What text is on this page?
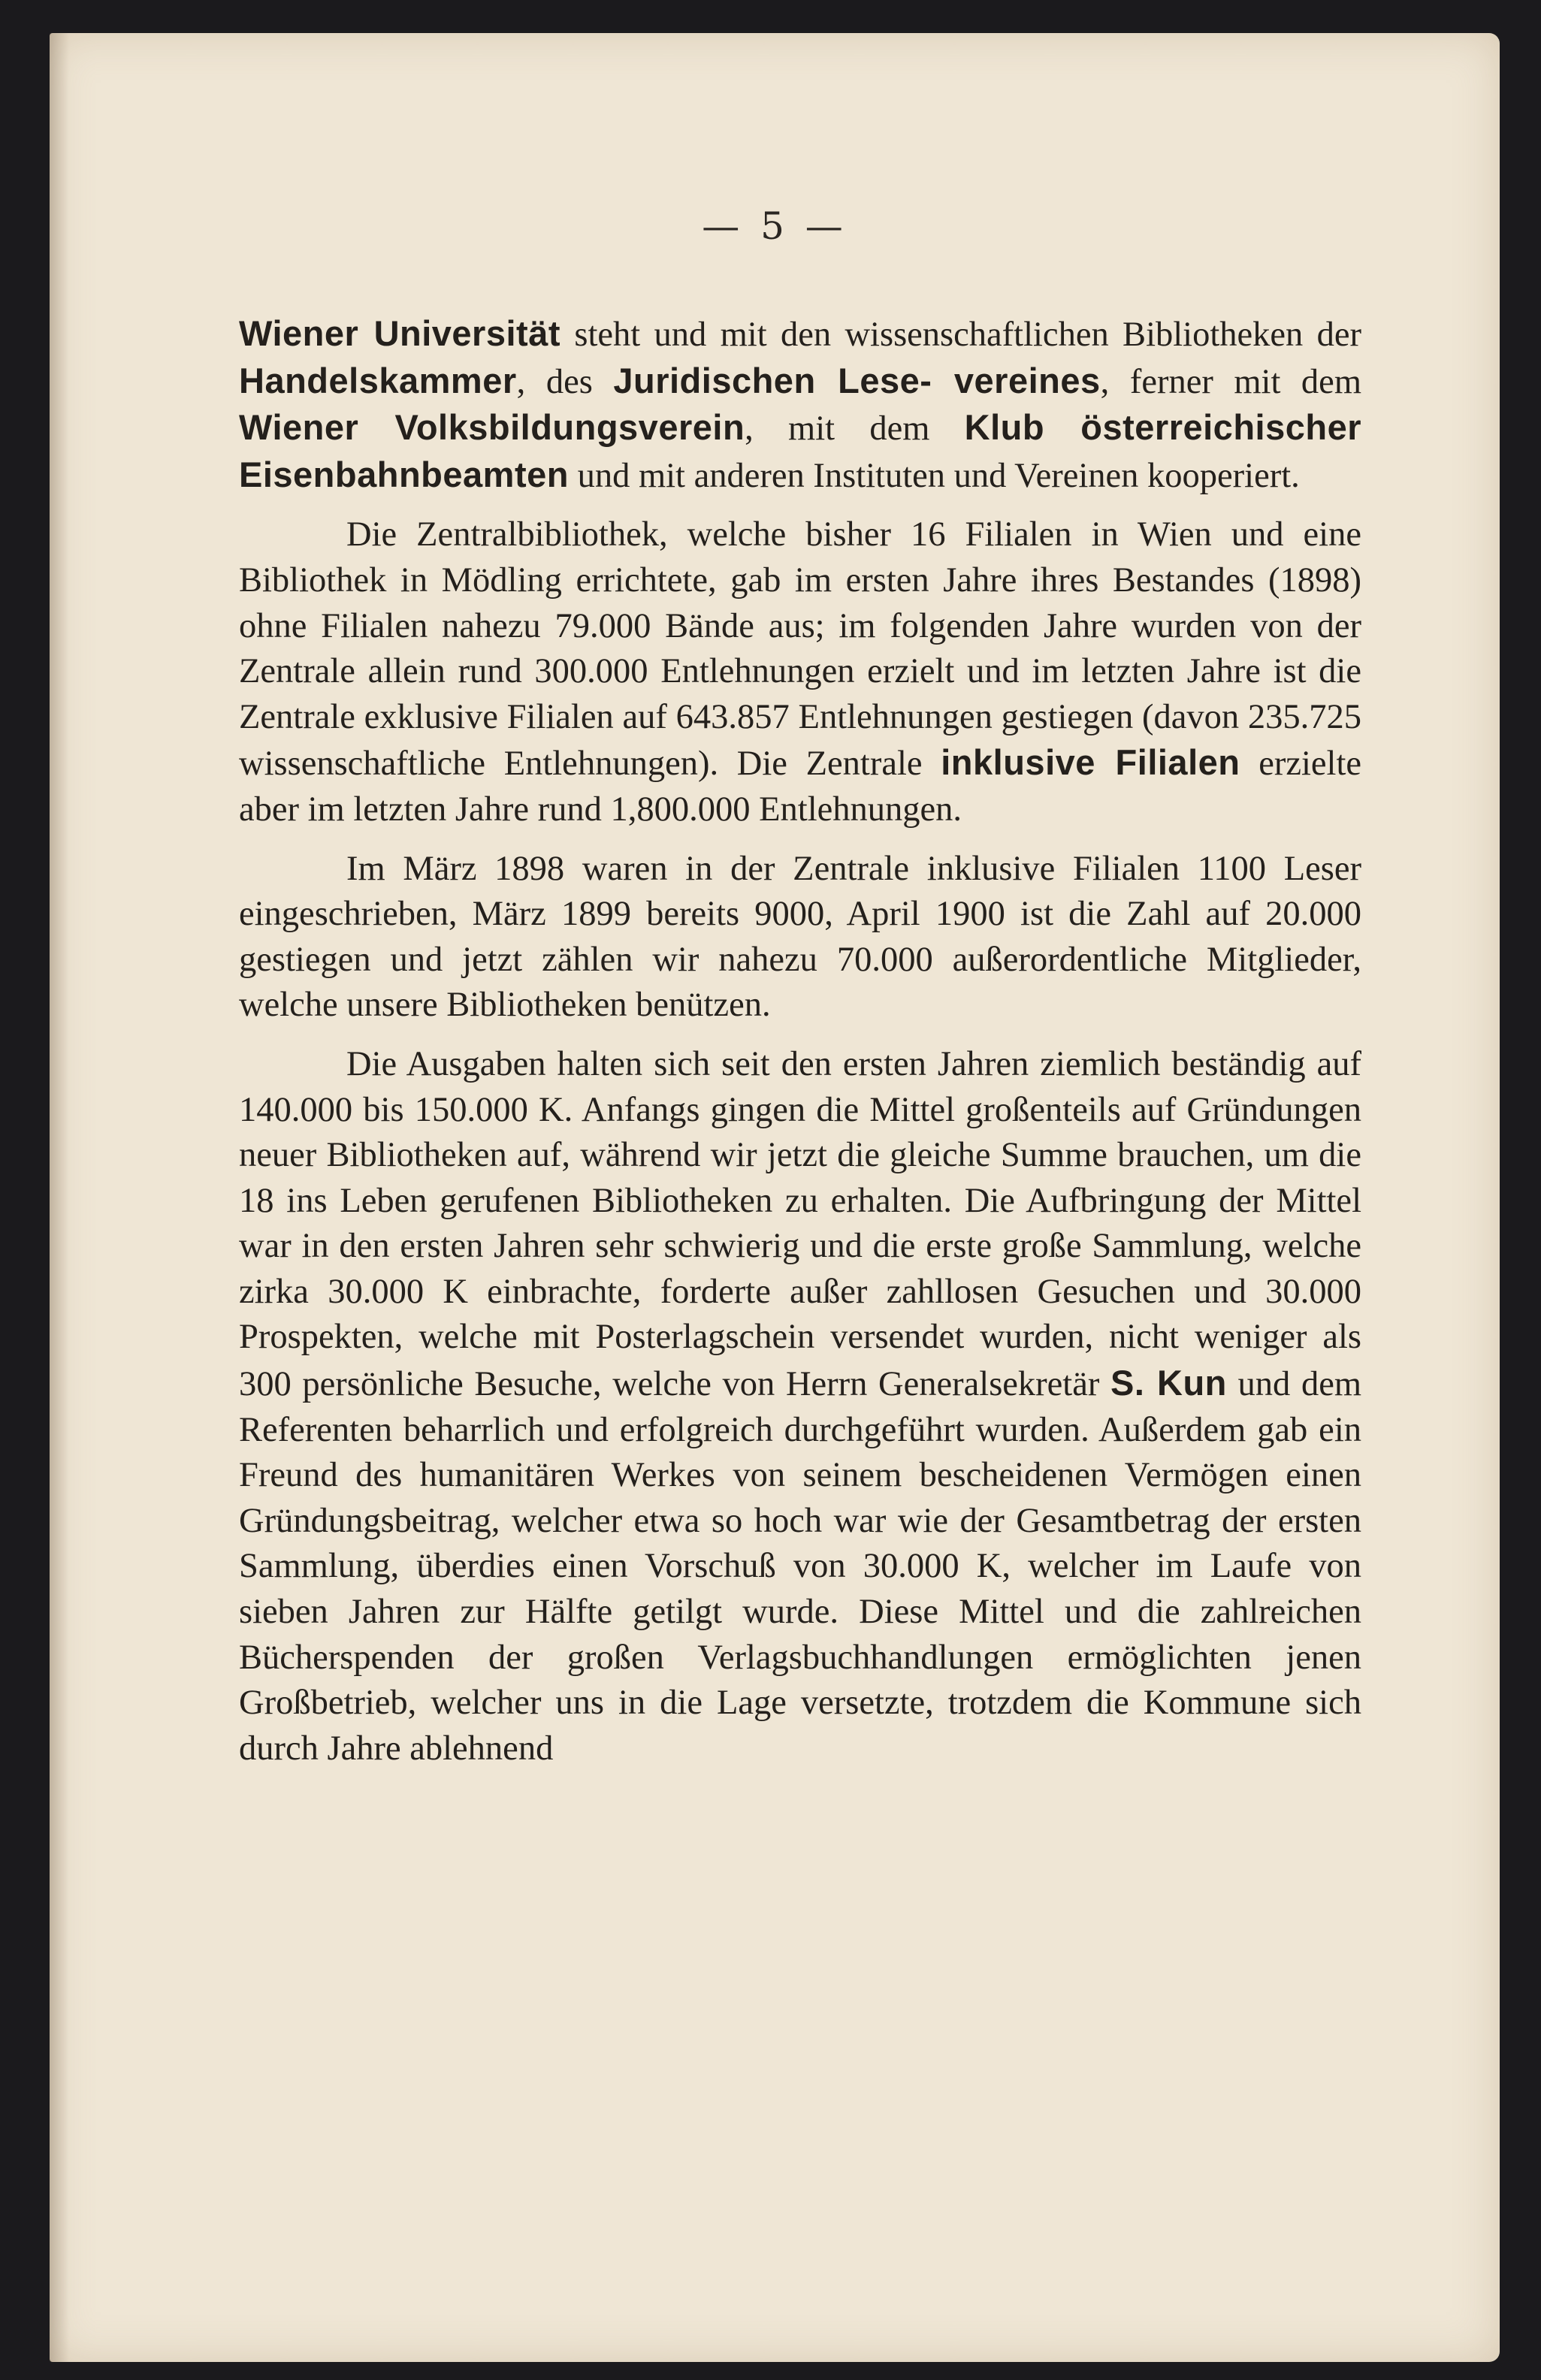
— 5 —

Wiener Universität steht und mit den wissenschaftlichen Bibliotheken der Handelskammer, des Juridischen Lese- vereines, ferner mit dem Wiener Volksbildungsverein, mit dem Klub österreichischer Eisenbahnbeamten und mit anderen Instituten und Vereinen kooperiert.

Die Zentralbibliothek, welche bisher 16 Filialen in Wien und eine Bibliothek in Mödling errichtete, gab im ersten Jahre ihres Bestandes (1898) ohne Filialen nahezu 79.000 Bände aus; im folgenden Jahre wurden von der Zentrale allein rund 300.000 Entlehnungen erzielt und im letzten Jahre ist die Zentrale exklusive Filialen auf 643.857 Entlehnungen gestiegen (davon 235.725 wissenschaftliche Entlehnungen). Die Zentrale inklusive Filialen erzielte aber im letzten Jahre rund 1,800.000 Entlehnungen.

Im März 1898 waren in der Zentrale inklusive Filialen 1100 Leser eingeschrieben, März 1899 bereits 9000, April 1900 ist die Zahl auf 20.000 gestiegen und jetzt zählen wir nahezu 70.000 außerordentliche Mitglieder, welche unsere Bibliotheken benützen.

Die Ausgaben halten sich seit den ersten Jahren ziemlich beständig auf 140.000 bis 150.000 K. Anfangs gingen die Mittel großenteils auf Gründungen neuer Bibliotheken auf, während wir jetzt die gleiche Summe brauchen, um die 18 ins Leben gerufenen Bibliotheken zu erhalten. Die Aufbringung der Mittel war in den ersten Jahren sehr schwierig und die erste große Sammlung, welche zirka 30.000 K einbrachte, forderte außer zahllosen Gesuchen und 30.000 Prospekten, welche mit Posterlagschein versendet wurden, nicht weniger als 300 persönliche Besuche, welche von Herrn Generalsekretär S. Kun und dem Referenten beharrlich und erfolgreich durchgeführt wurden. Außerdem gab ein Freund des humanitären Werkes von seinem bescheidenen Vermögen einen Gründungsbeitrag, welcher etwa so hoch war wie der Gesamtbetrag der ersten Sammlung, überdies einen Vorschuß von 30.000 K, welcher im Laufe von sieben Jahren zur Hälfte getilgt wurde. Diese Mittel und die zahlreichen Bücherspenden der großen Verlagsbuchhandlungen ermöglichten jenen Großbetrieb, welcher uns in die Lage versetzte, trotzdem die Kommune sich durch Jahre ablehnend
